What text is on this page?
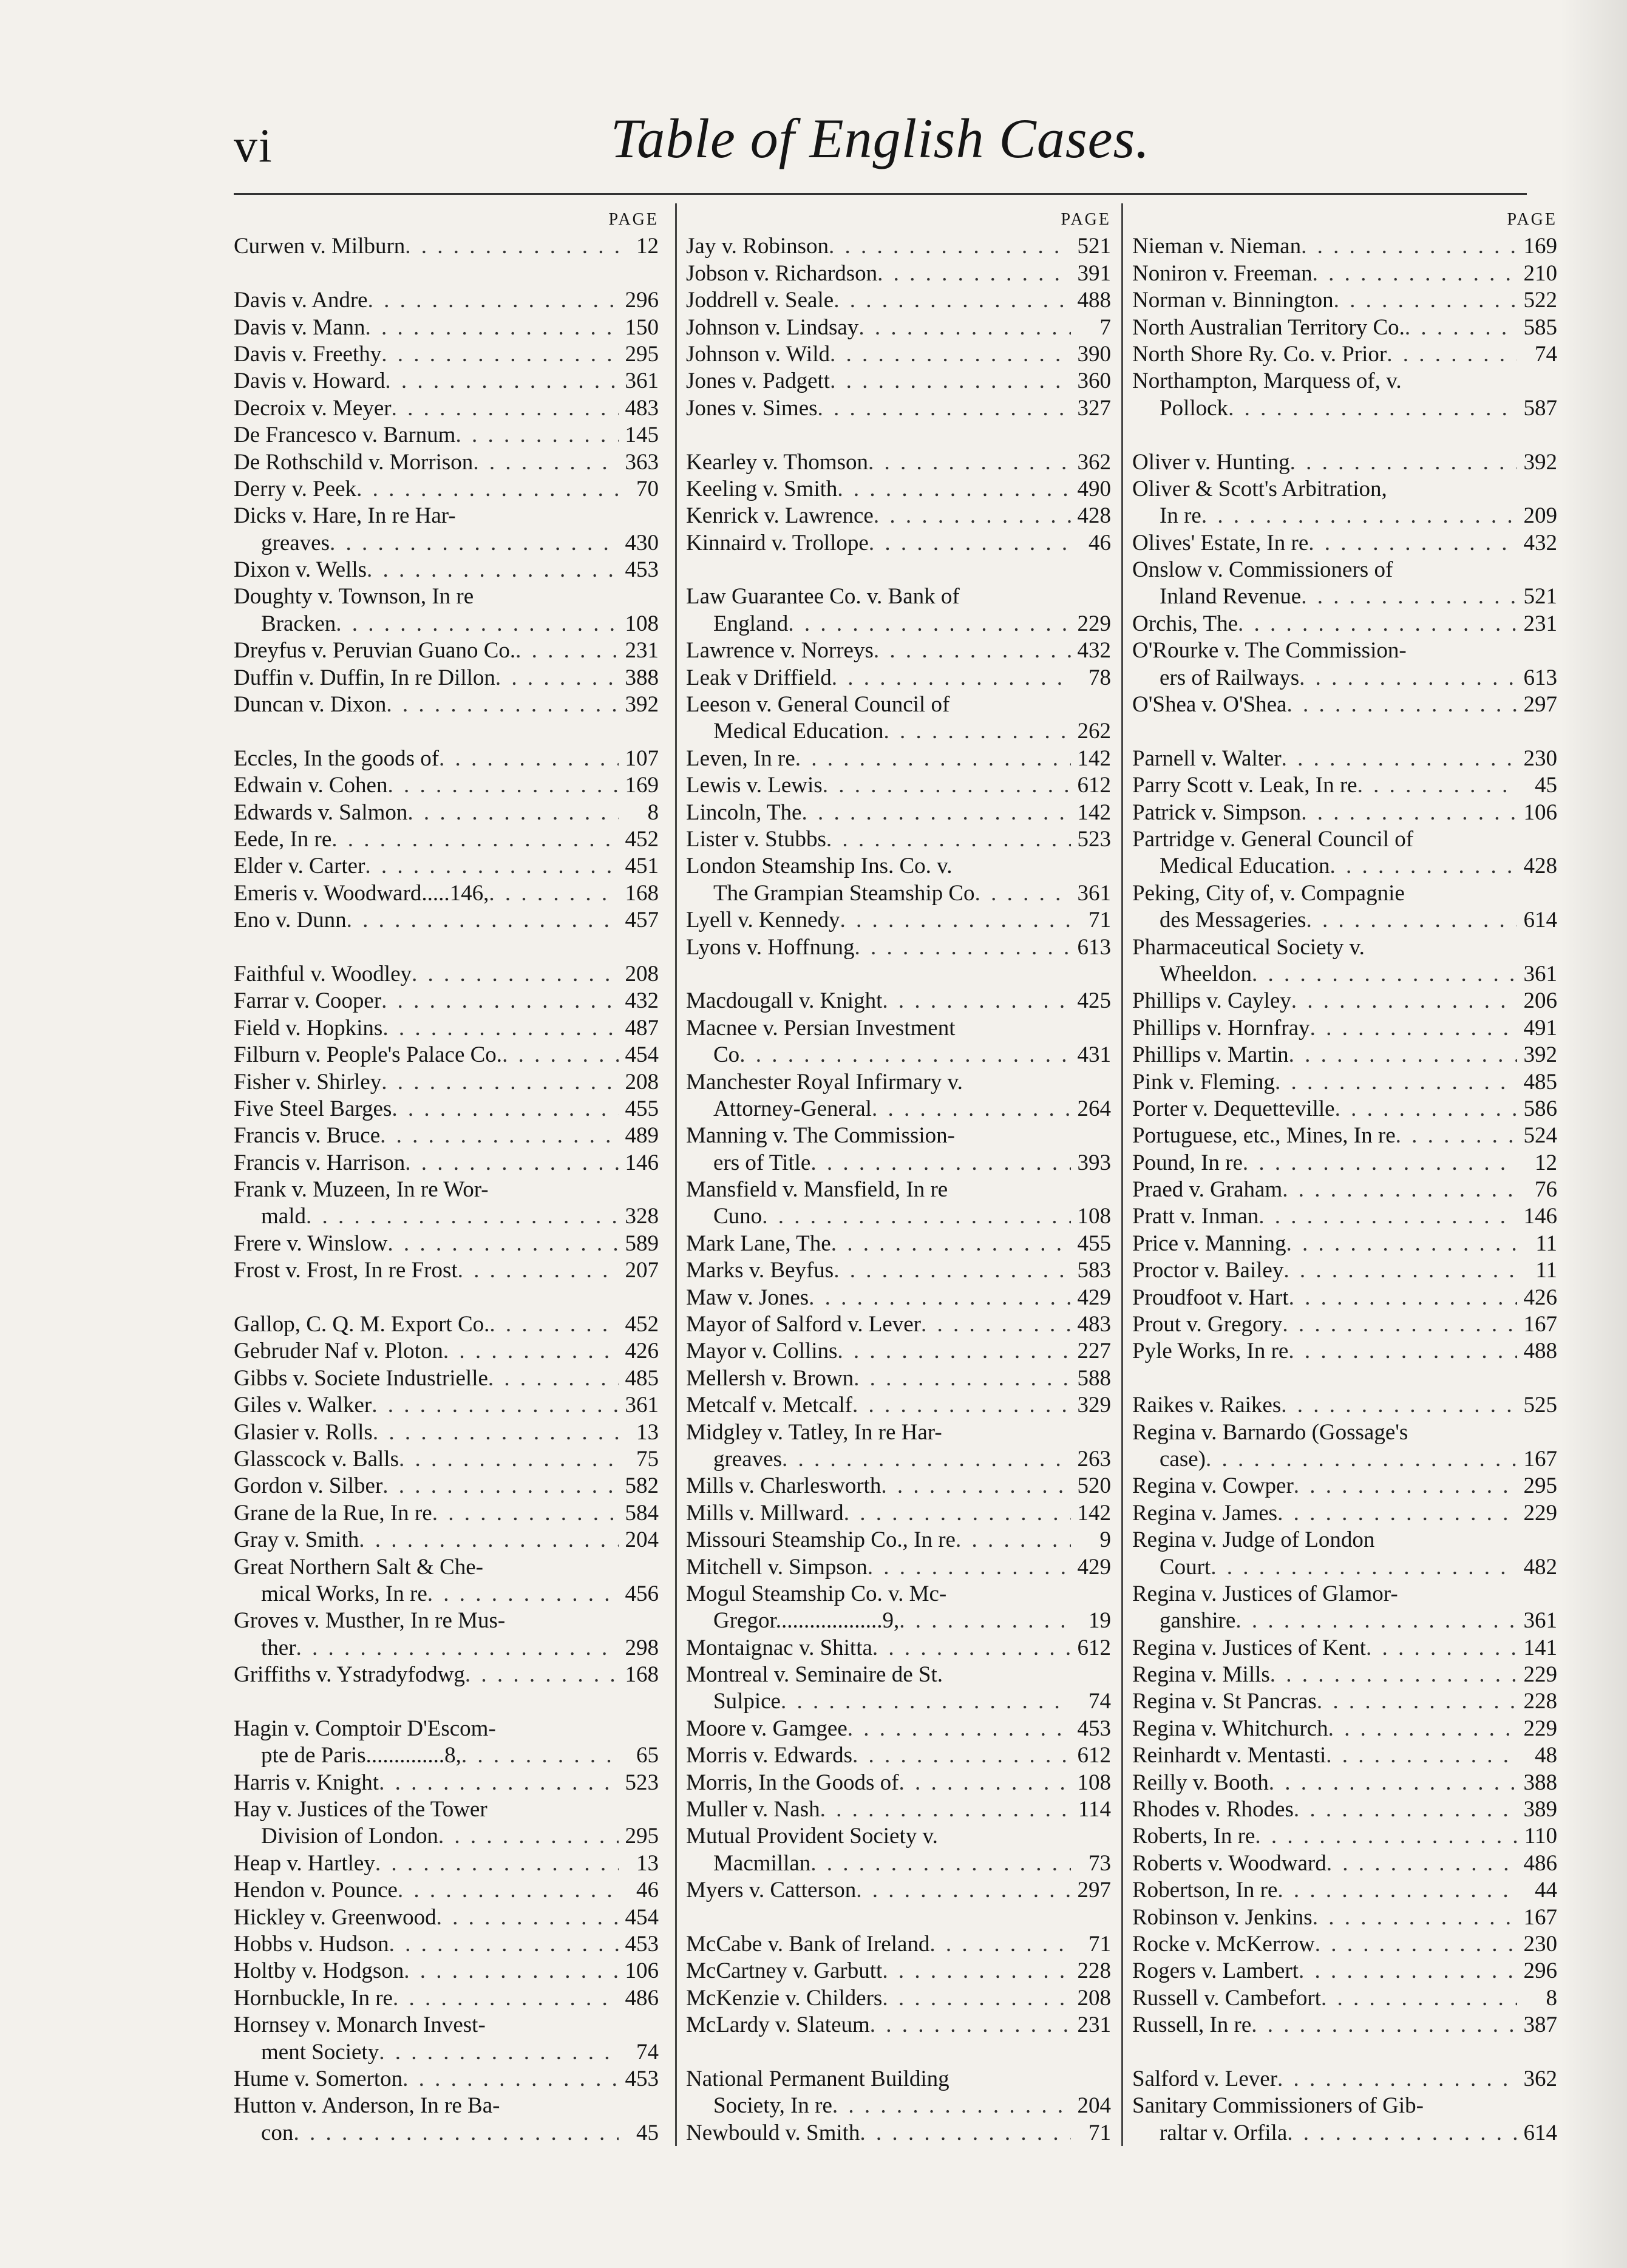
vi	Table of English Cases.
PAGE
Curwen v. Milburn . . .	12
Davis v. Andre . . .	296
Davis v. Mann . . .	150
Davis v. Freethy . . .	295
Davis v. Howard . . .	361
Decroix v. Meyer . . .	483
De Francesco v. Barnum . . .	145
De Rothschild v. Morrison . . .	363
Derry v. Peek . . .	70
Dicks v. Hare, In re Har-
greaves . . .	430
Dixon v. Wells . . .	453
Doughty v. Townson, In re
Bracken . . .	108
Dreyfus v. Peruvian Guano Co. . . .	231
Duffin v. Duffin, In re Dillon . . .	388
Duncan v. Dixon . . .	392
Eccles, In the goods of . . .	107
Edwain v. Cohen . . .	169
Edwards v. Salmon . . .	8
Eede, In re . . .	452
Elder v. Carter . . .	451
Emeris v. Woodward.....146, . . .	168
Eno v. Dunn . . .	457
Faithful v. Woodley . . .	208
Farrar v. Cooper . . .	432
Field v. Hopkins . . .	487
Filburn v. People's Palace Co. . . .	454
Fisher v. Shirley . . .	208
Five Steel Barges . . .	455
Francis v. Bruce . . .	489
Francis v. Harrison . . .	146
Frank v. Muzeen, In re Wor-
mald . . .	328
Frere v. Winslow . . .	589
Frost v. Frost, In re Frost . . .	207
Gallop, C. Q. M. Export Co. . . .	452
Gebruder Naf v. Ploton . . .	426
Gibbs v. Societe Industrielle . . .	485
Giles v. Walker . . .	361
Glasier v. Rolls . . .	13
Glasscock v. Balls . . .	75
Gordon v. Silber . . .	582
Grane de la Rue, In re . . .	584
Gray v. Smith . . .	204
Great Northern Salt & Che-
mical Works, In re . . .	456
Groves v. Musther, In re Mus-
ther . . .	298
Griffiths v. Ystradyfodwg . . .	168
Hagin v. Comptoir D'Escom-
pte de Paris..............8, . . .	65
Harris v. Knight . . .	523
Hay v. Justices of the Tower
Division of London . . .	295
Heap v. Hartley . . .	13
Hendon v. Pounce . . .	46
Hickley v. Greenwood . . .	454
Hobbs v. Hudson . . .	453
Holtby v. Hodgson . . .	106
Hornbuckle, In re . . .	486
Hornsey v. Monarch Invest-
ment Society . . .	74
Hume v. Somerton . . .	453
Hutton v. Anderson, In re Ba-
con . . .	45
PAGE
Jay v. Robinson . . .	521
Jobson v. Richardson . . .	391
Joddrell v. Seale . . .	488
Johnson v. Lindsay . . .	7
Johnson v. Wild . . .	390
Jones v. Padgett . . .	360
Jones v. Simes . . .	327
Kearley v. Thomson . . .	362
Keeling v. Smith . . .	490
Kenrick v. Lawrence . . .	428
Kinnaird v. Trollope . . .	46
Law Guarantee Co. v. Bank of
England . . .	229
Lawrence v. Norreys . . .	432
Leak v Driffield . . .	78
Leeson v. General Council of
Medical Education . . .	262
Leven, In re . . .	142
Lewis v. Lewis . . .	612
Lincoln, The . . .	142
Lister v. Stubbs . . .	523
London Steamship Ins. Co. v.
The Grampian Steamship Co . . .	361
Lyell v. Kennedy . . .	71
Lyons v. Hoffnung . . .	613
Macdougall v. Knight . . .	425
Macnee v. Persian Investment
Co . . .	431
Manchester Royal Infirmary v.
Attorney-General . . .	264
Manning v. The Commission-
ers of Title . . .	393
Mansfield v. Mansfield, In re
Cuno . . .	108
Mark Lane, The . . .	455
Marks v. Beyfus . . .	583
Maw v. Jones . . .	429
Mayor of Salford v. Lever . . .	483
Mayor v. Collins . . .	227
Mellersh v. Brown . . .	588
Metcalf v. Metcalf . . .	329
Midgley v. Tatley, In re Har-
greaves . . .	263
Mills v. Charlesworth . . .	520
Mills v. Millward . . .	142
Missouri Steamship Co., In re . . .	9
Mitchell v. Simpson . . .	429
Mogul Steamship Co. v. Mc-
Gregor...................9, . . .	19
Montaignac v. Shitta . . .	612
Montreal v. Seminaire de St.
Sulpice . . .	74
Moore v. Gamgee . . .	453
Morris v. Edwards . . .	612
Morris, In the Goods of . . .	108
Muller v. Nash . . .	114
Mutual Provident Society v.
Macmillan . . .	73
Myers v. Catterson . . .	297
McCabe v. Bank of Ireland . . .	71
McCartney v. Garbutt . . .	228
McKenzie v. Childers . . .	208
McLardy v. Slateum . . .	231
National Permanent Building
Society, In re . . .	204
Newbould v. Smith . . .	71
PAGE
Nieman v. Nieman . . .	169
Noniron v. Freeman . . .	210
Norman v. Binnington . . .	522
North Australian Territory Co. . . .	585
North Shore Ry. Co. v. Prior . . .	74
Northampton, Marquess of, v.
Pollock . . .	587
Oliver v. Hunting . . .	392
Oliver & Scott's Arbitration,
In re . . .	209
Olives' Estate, In re . . .	432
Onslow v. Commissioners of
Inland Revenue . . .	521
Orchis, The . . .	231
O'Rourke v. The Commission-
ers of Railways . . .	613
O'Shea v. O'Shea . . .	297
Parnell v. Walter . . .	230
Parry Scott v. Leak, In re . . .	45
Patrick v. Simpson . . .	106
Partridge v. General Council of
Medical Education . . .	428
Peking, City of, v. Compagnie
des Messageries . . .	614
Pharmaceutical Society v.
Wheeldon . . .	361
Phillips v. Cayley . . .	206
Phillips v. Hornfray . . .	491
Phillips v. Martin . . .	392
Pink v. Fleming . . .	485
Porter v. Dequetteville . . .	586
Portuguese, etc., Mines, In re . . .	524
Pound, In re . . .	12
Praed v. Graham . . .	76
Pratt v. Inman . . .	146
Price v. Manning . . .	11
Proctor v. Bailey . . .	11
Proudfoot v. Hart . . .	426
Prout v. Gregory . . .	167
Pyle Works, In re . . .	488
Raikes v. Raikes . . .	525
Regina v. Barnardo (Gossage's
case) . . .	167
Regina v. Cowper . . .	295
Regina v. James . . .	229
Regina v. Judge of London
Court . . .	482
Regina v. Justices of Glamor-
ganshire . . .	361
Regina v. Justices of Kent . . .	141
Regina v. Mills . . .	229
Regina v. St Pancras . . .	228
Regina v. Whitchurch . . .	229
Reinhardt v. Mentasti . . .	48
Reilly v. Booth . . .	388
Rhodes v. Rhodes . . .	389
Roberts, In re . . .	110
Roberts v. Woodward . . .	486
Robertson, In re . . .	44
Robinson v. Jenkins . . .	167
Rocke v. McKerrow . . .	230
Rogers v. Lambert . . .	296
Russell v. Cambefort . . .	8
Russell, In re . . .	387
Salford v. Lever . . .	362
Sanitary Commissioners of Gib-
raltar v. Orfila . . .	614
